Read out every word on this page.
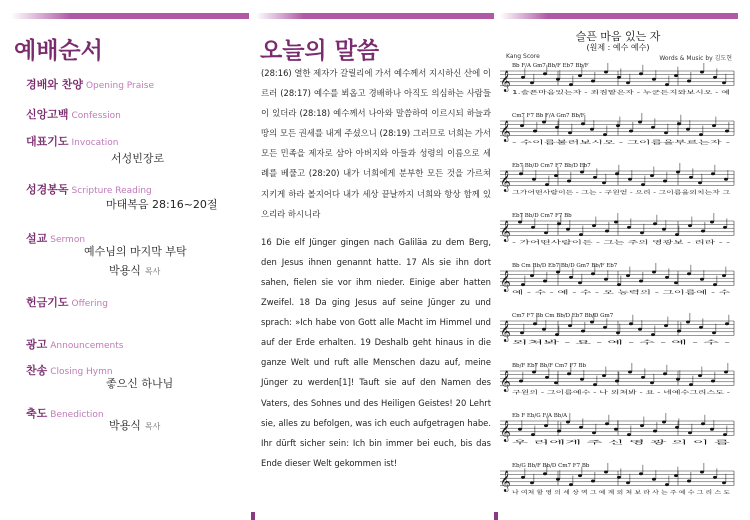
예배순서
경배와 찬양 Opening Praise
신앙고백 Confession
대표기도 Invocation
서성빈장로
성경봉독 Scripture Reading
마태복음 28:16~20절
설교 Sermon
예수님의 마지막 부탁
박용식 목사
헌금기도 Offering
광고 Announcements
찬송 Closing Hymn
좋으신 하나님
축도 Benediction
박용식 목사
오늘의 말씀

(28:16) 열한 제자가 갈릴리에 가서 예수께서 지시하신 산에 이르러 (28:17) 예수를 뵈옵고 경배하나 아직도 의심하는 사람들이 있더라 (28:18) 예수께서 나아와 말씀하여 이르시되 하늘과 땅의 모든 권세를 내게 주셨으니 (28:19) 그러므로 너희는 가서 모든 민족을 제자로 삼아 아버지와 아들과 성령의 이름으로 세례를 베풀고 (28:20) 내가 너희에게 분부한 모든 것을 가르쳐 지키게 하라 볼지어다 내가 세상 끝날까지 너희와 항상 함께 있으리라 하시니라

16 Die elf Jünger gingen nach Galiläa zu dem Berg, den Jesus ihnen genannt hatte. 17 Als sie ihn dort sahen, fielen sie vor ihm nieder. Einige aber hatten Zweifel. 18 Da ging Jesus auf seine Jünger zu und sprach: »Ich habe von Gott alle Macht im Himmel und auf der Erde erhalten. 19 Deshalb geht hinaus in die ganze Welt und ruft alle Menschen dazu auf, meine Jünger zu werden[1]! Tauft sie auf den Namen des Vaters, des Sohnes und des Heiligen Geistes! 20 Lehrt sie, alles zu befolgen, was ich euch aufgetragen habe. Ihr dürft sicher sein: Ich bin immer bei euch, bis das Ende dieser Welt gekommen ist!

슬픈 마음 있는 자
(원제 : 예수 예수)
Kang Score	Words & Music by 김도현
Bb F/A Gm7 Bb/F Eb7 Bb/F
𝄞
1.슬픈마음있는자 - 죄짐맡은자 - 누군든지와보시오 - 예
Cm7 F7 Bb F/A Gm7 Bb/F
𝄞
- 수이름불러보시오 - 그이름을부르는자 -
Eb7 Bb/D Cm7 F7 Bb/D Eb7
𝄞
그가어떤사람이든 - 그는 - 구원얻 - 으리 - 그이름을외치는자 그
Eb7 Bb/D Cm7 F7 Bb
𝄞
- 가어떤사람이든 - 그는 주의 영광보 - 리라 - -
Bb Cm Bb/D Eb7 Bb/D Gm7 Bb/F Eb7
𝄞
예 - 수 - 예 - 수 - 오 능력의 - 그이름예 - 수
Cm7 F7 Bb Cm Bb/D Eb7 Bb/D Gm7
𝄞
외쳐봐 - 요 - 예 - 수 - 예 - 수 -
Bb/F Eb7 Bb/F Cm7 F7 Bb
𝄞
구원의 - 그이름예수 - 나 외쳐봐 - 요 - 네예수그리스도 -
Eb F Eb/G F/A Bb/A
𝄞
우 리에게 주 신 영 광 의 이 름
Eb/G Bb/F Bb/D Cm7 F7 Bb
𝄞
나 여쳐 할 영 의 세 상 역 그 예 계 외 쳐 보 라 사 는 주 예 수 그 리 스 도
